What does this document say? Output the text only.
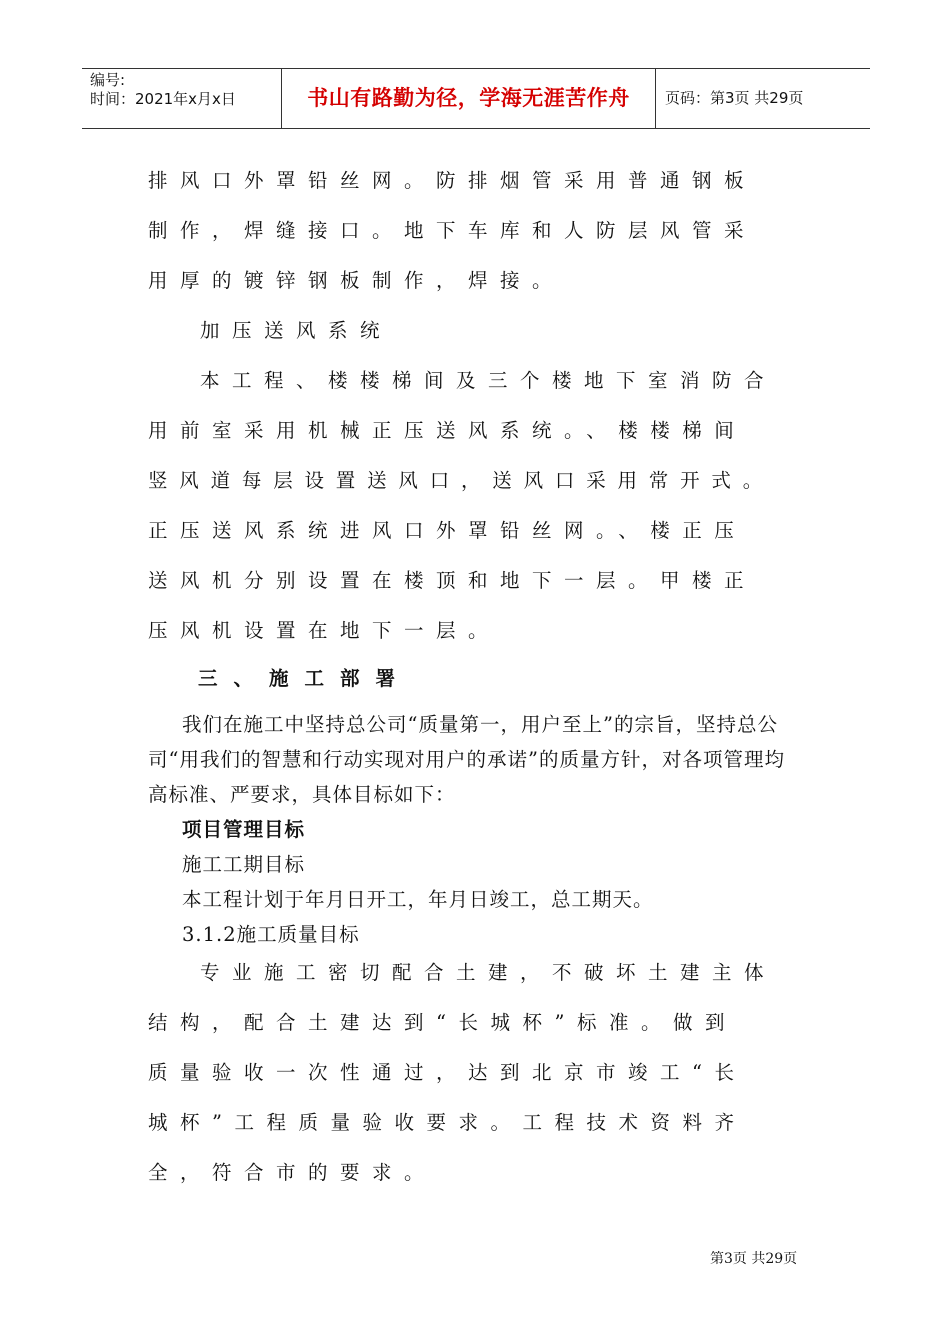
编号:
时间：2021年x月x日	书山有路勤为径，学海无涯苦作舟	页码：第3页 共29页
排风口外罩铅丝网。防排烟管采用普通钢板
制作，焊缝接口。地下车库和人防层风管采
用厚的镀锌钢板制作，焊接。
加压送风系统
本工程、楼楼梯间及三个楼地下室消防合
用前室采用机械正压送风系统。、楼楼梯间
竖风道每层设置送风口，送风口采用常开式。
正压送风系统进风口外罩铅丝网。、楼正压
送风机分别设置在楼顶和地下一层。甲楼正
压风机设置在地下一层。
三、施工部署
我们在施工中坚持总公司“质量第一，用户至上”的宗旨，坚持总公
司“用我们的智慧和行动实现对用户的承诺”的质量方针，对各项管理均
高标准、严要求，具体目标如下：
项目管理目标
施工工期目标
本工程计划于年月日开工，年月日竣工，总工期天。
3.1.2施工质量目标
专业施工密切配合土建，不破坏土建主体
结构，配合土建达到“长城杯”标准。做到
质量验收一次性通过，达到北京市竣工“长
城杯”工程质量验收要求。工程技术资料齐
全，符合市的要求。
第3页 共29页
